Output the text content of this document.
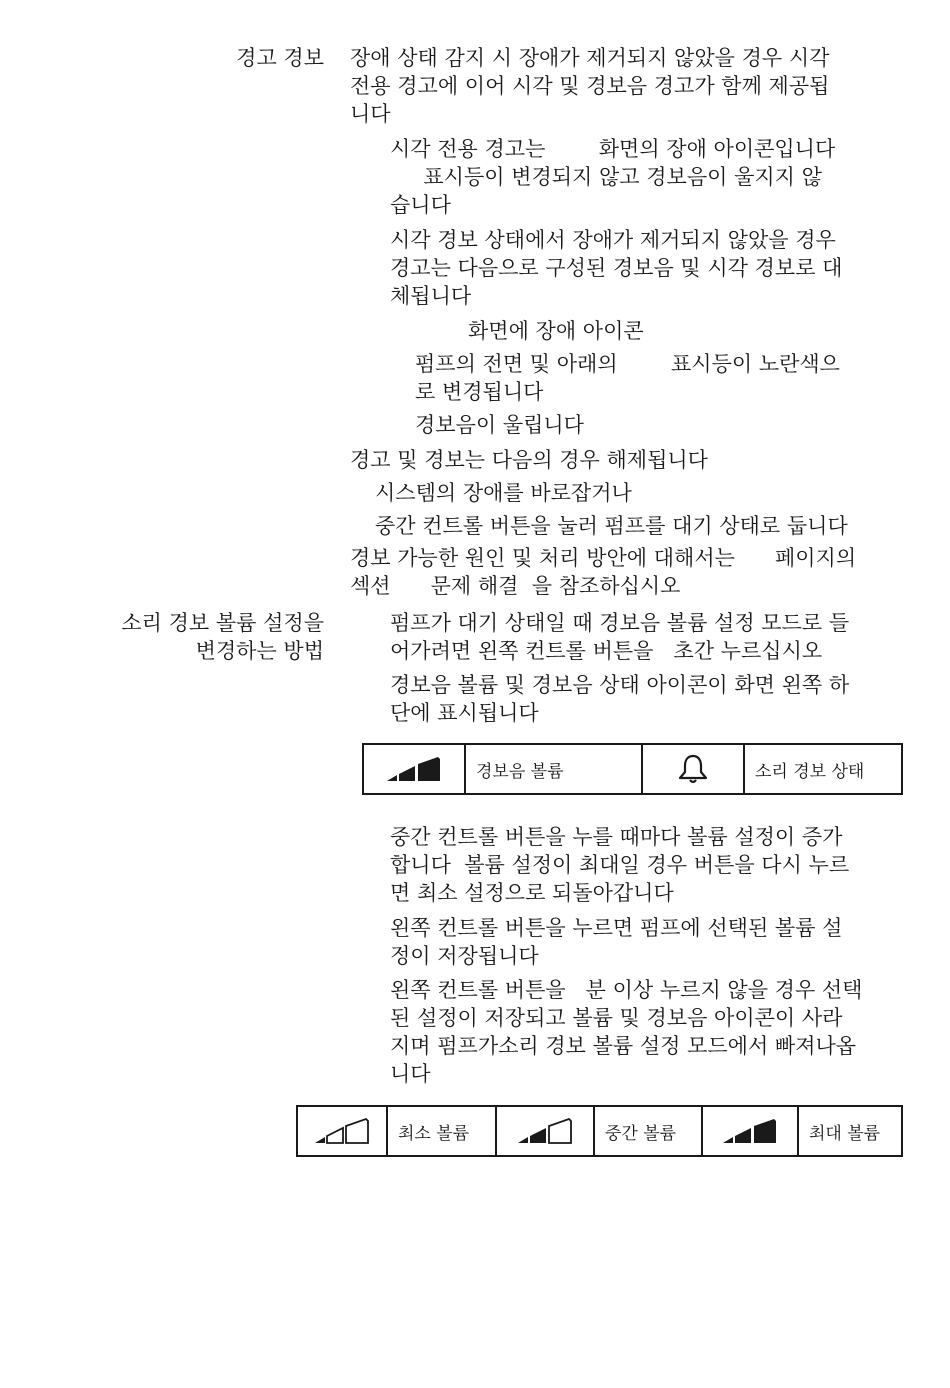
경고 경보 장애 상태 감지 시 장애가 제거되지 않았을 경우 시각
전용 경고에 이어 시각 및 경보음 경고가 함께 제공됩
니다
시각 전용 경고는        화면의 장애 아이콘입니다
표시등이 변경되지 않고 경보음이 울지지 않
습니다
시각 경보 상태에서 장애가 제거되지 않았을 경우
경고는 다음으로 구성된 경보음 및 시각 경보로 대
체됩니다
화면에 장애 아이콘
펌프의 전면 및 아래의        표시등이 노란색으
로 변경됩니다
경보음이 울립니다
경고 및 경보는 다음의 경우 해제됩니다
시스템의 장애를 바로잡거나
중간 컨트롤 버튼을 눌러 펌프를 대기 상태로 둡니다
경보 가능한 원인 및 처리 방안에 대해서는      페이지의
섹션      문제 해결  을 참조하십시오
소리 경보 볼륨 설정을
변경하는 방법
펌프가 대기 상태일 때 경보음 볼륨 설정 모드로 들
어가려면 왼쪽 컨트롤 버튼을   초간 누르십시오
경보음 볼륨 및 경보음 상태 아이콘이 화면 왼쪽 하
단에 표시됩니다
	경보음 볼륨		소리 경보 상태
중간 컨트롤 버튼을 누를 때마다 볼륨 설정이 증가
합니다  볼륨 설정이 최대일 경우 버튼을 다시 누르
면 최소 설정으로 되돌아갑니다
왼쪽 컨트롤 버튼을 누르면 펌프에 선택된 볼륨 설
정이 저장됩니다
왼쪽 컨트롤 버튼을   분 이상 누르지 않을 경우 선택
된 설정이 저장되고 볼륨 및 경보음 아이콘이 사라
지며 펌프가소리 경보 볼륨 설정 모드에서 빠져나옵
니다
	최소 볼륨		중간 볼륨		최대 볼륨
